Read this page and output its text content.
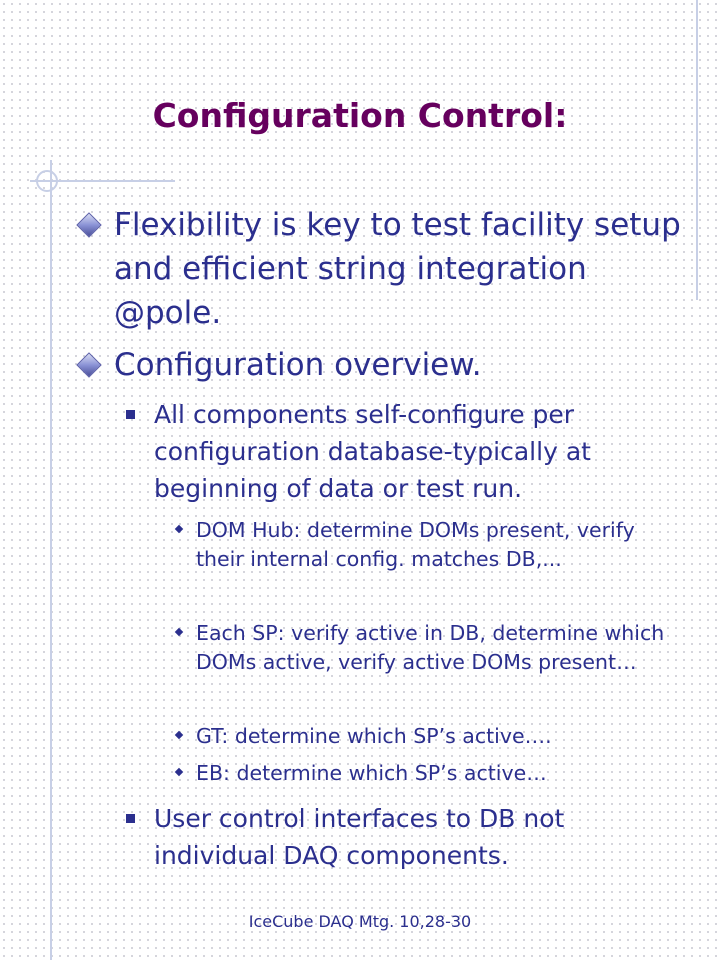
Configuration Control:
Flexibility is key to test facility setup and efficient string integration @pole.
Configuration overview.
All components self-configure per configuration database-typically at beginning of data or test run.
DOM Hub: determine DOMs present, verify their internal config. matches DB,...
Each SP: verify active in DB, determine which DOMs active, verify active DOMs present…
GT: determine which SP’s active….
EB: determine which SP’s active…
User control interfaces to DB not individual DAQ components.
IceCube DAQ Mtg. 10,28-30
